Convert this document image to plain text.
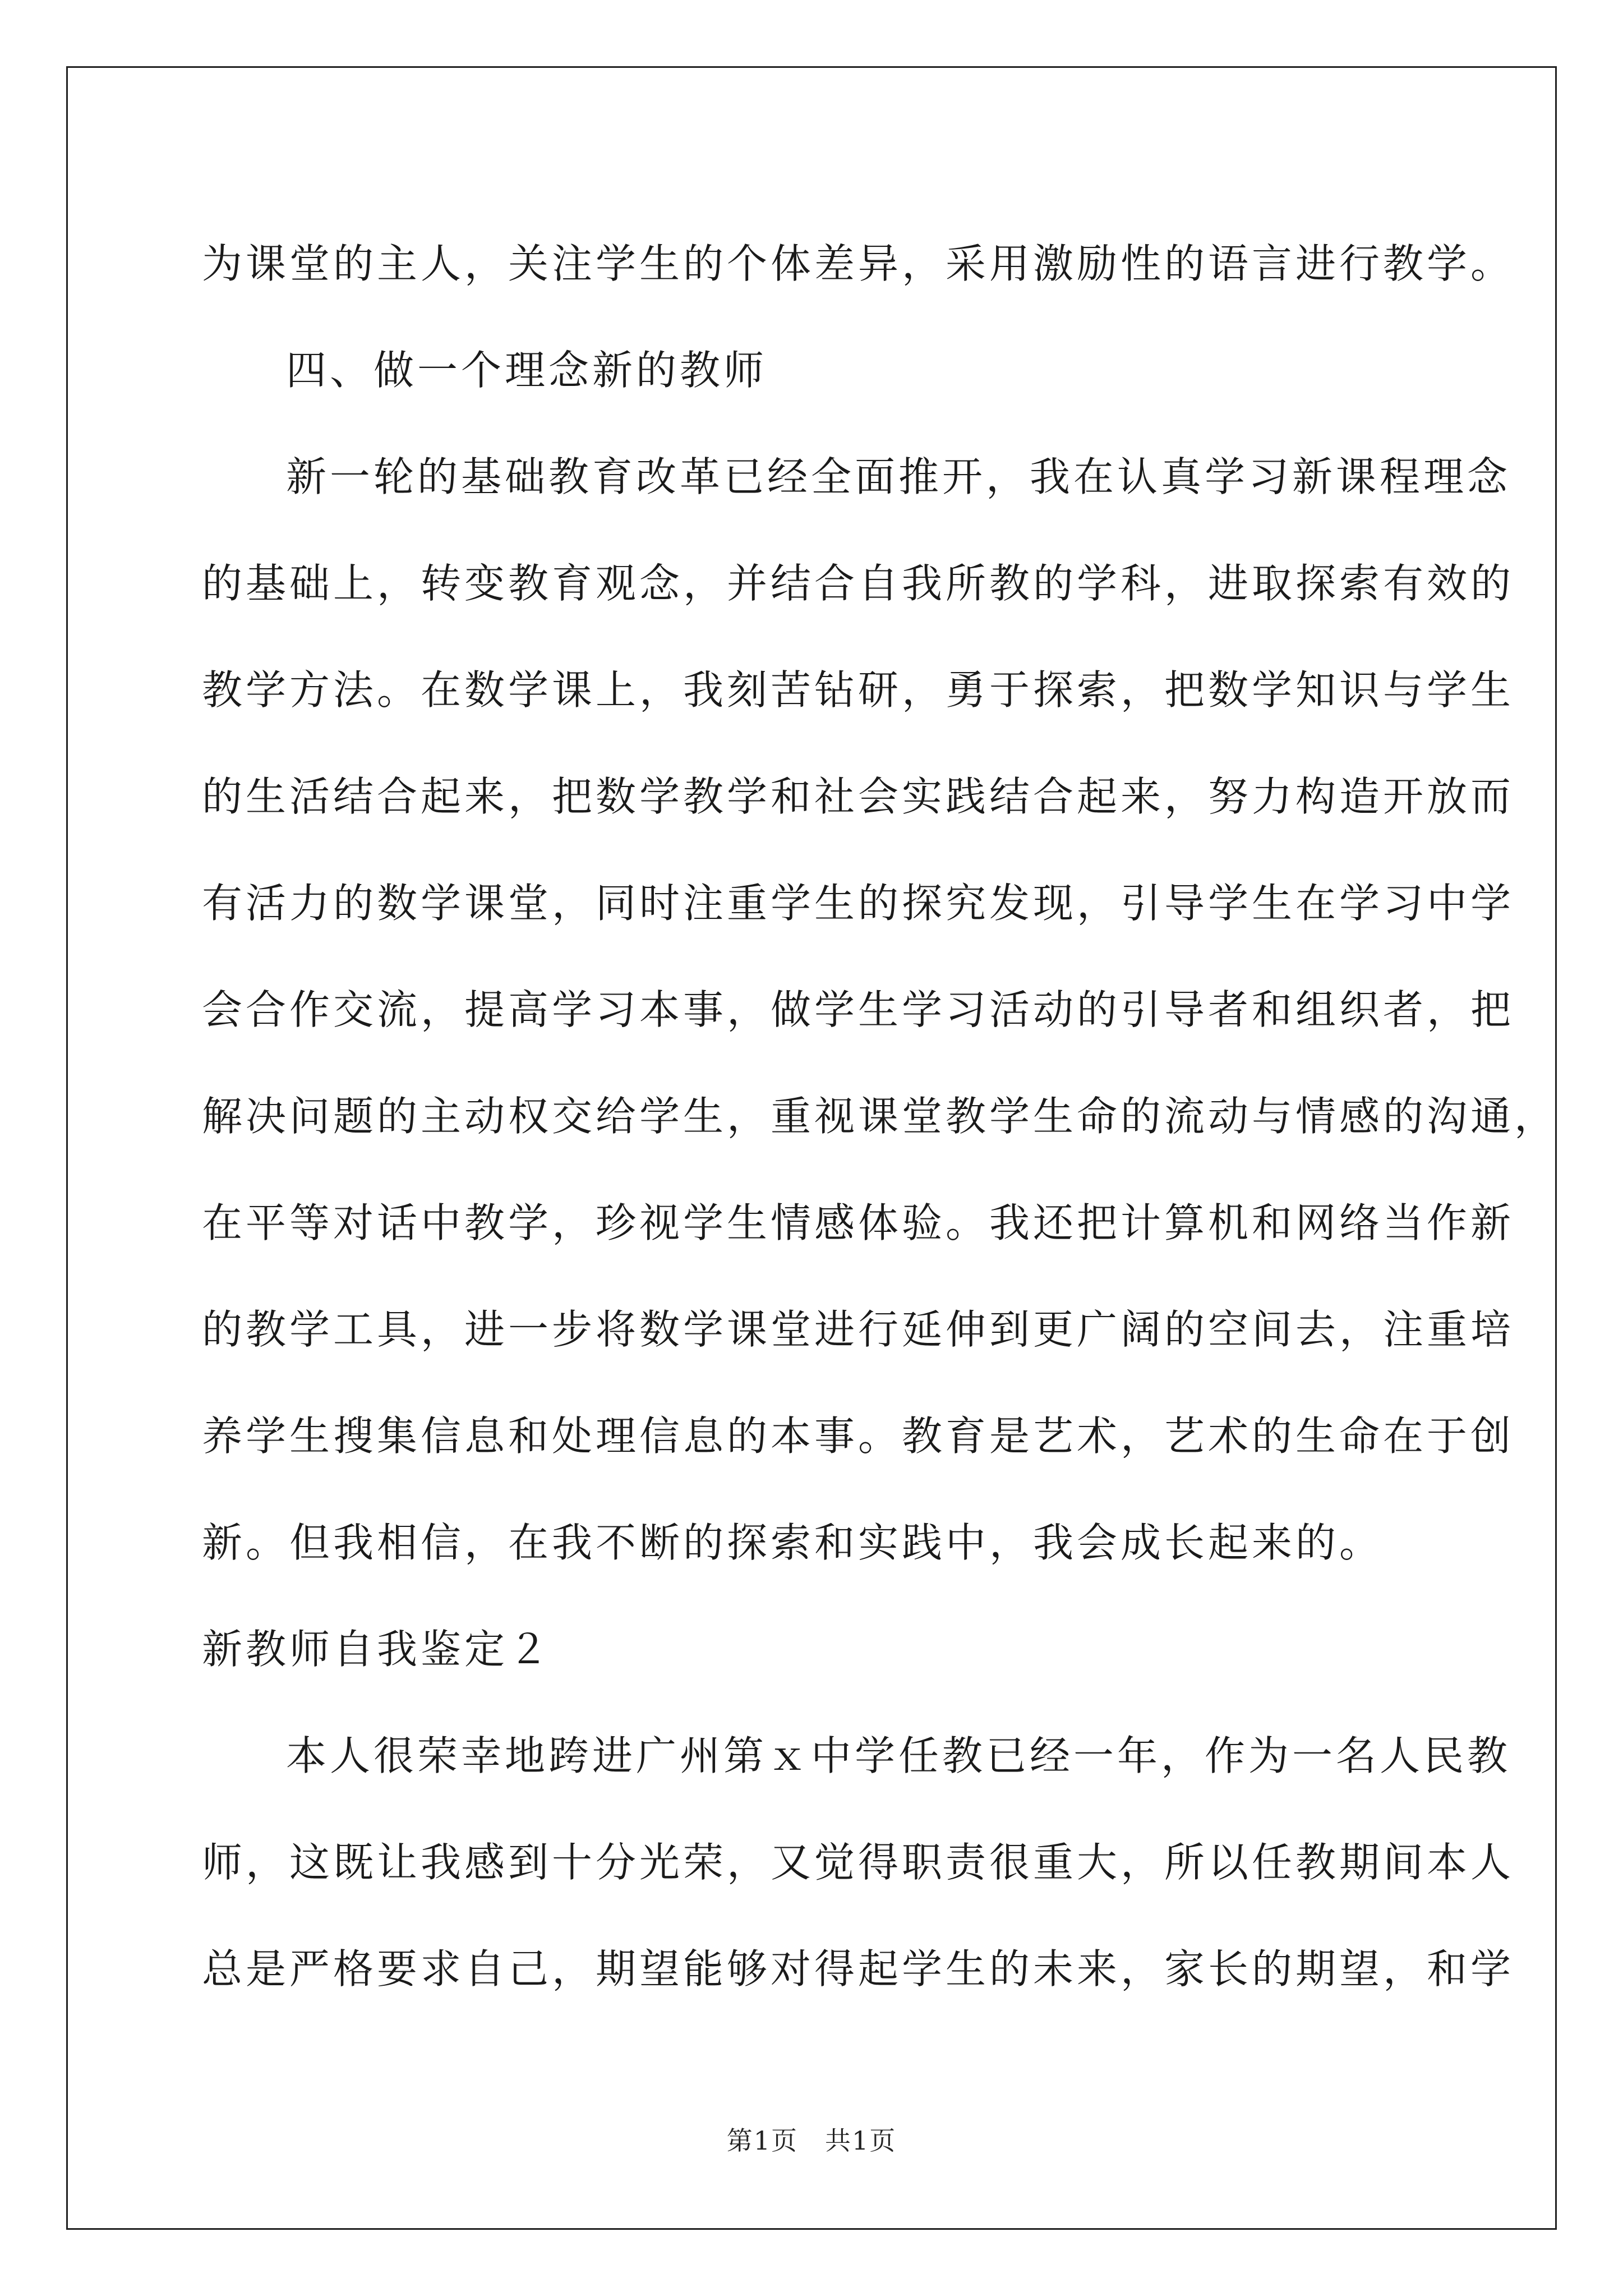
为课堂的主人，关注学生的个体差异，采用激励性的语言进行教学。
四、做一个理念新的教师
新一轮的基础教育改革已经全面推开，我在认真学习新课程理念
的基础上，转变教育观念，并结合自我所教的学科，进取探索有效的
教学方法。在数学课上，我刻苦钻研，勇于探索，把数学知识与学生
的生活结合起来，把数学教学和社会实践结合起来，努力构造开放而
有活力的数学课堂，同时注重学生的探究发现，引导学生在学习中学
会合作交流，提高学习本事，做学生学习活动的引导者和组织者，把
解决问题的主动权交给学生，重视课堂教学生命的流动与情感的沟通，
在平等对话中教学，珍视学生情感体验。我还把计算机和网络当作新
的教学工具，进一步将数学课堂进行延伸到更广阔的空间去，注重培
养学生搜集信息和处理信息的本事。教育是艺术，艺术的生命在于创
新。但我相信，在我不断的探索和实践中，我会成长起来的。
新教师自我鉴定２
本人很荣幸地跨进广州第ｘ中学任教已经一年，作为一名人民教
师，这既让我感到十分光荣，又觉得职责很重大，所以任教期间本人
总是严格要求自己，期望能够对得起学生的未来，家长的期望，和学
第1页　共1页
